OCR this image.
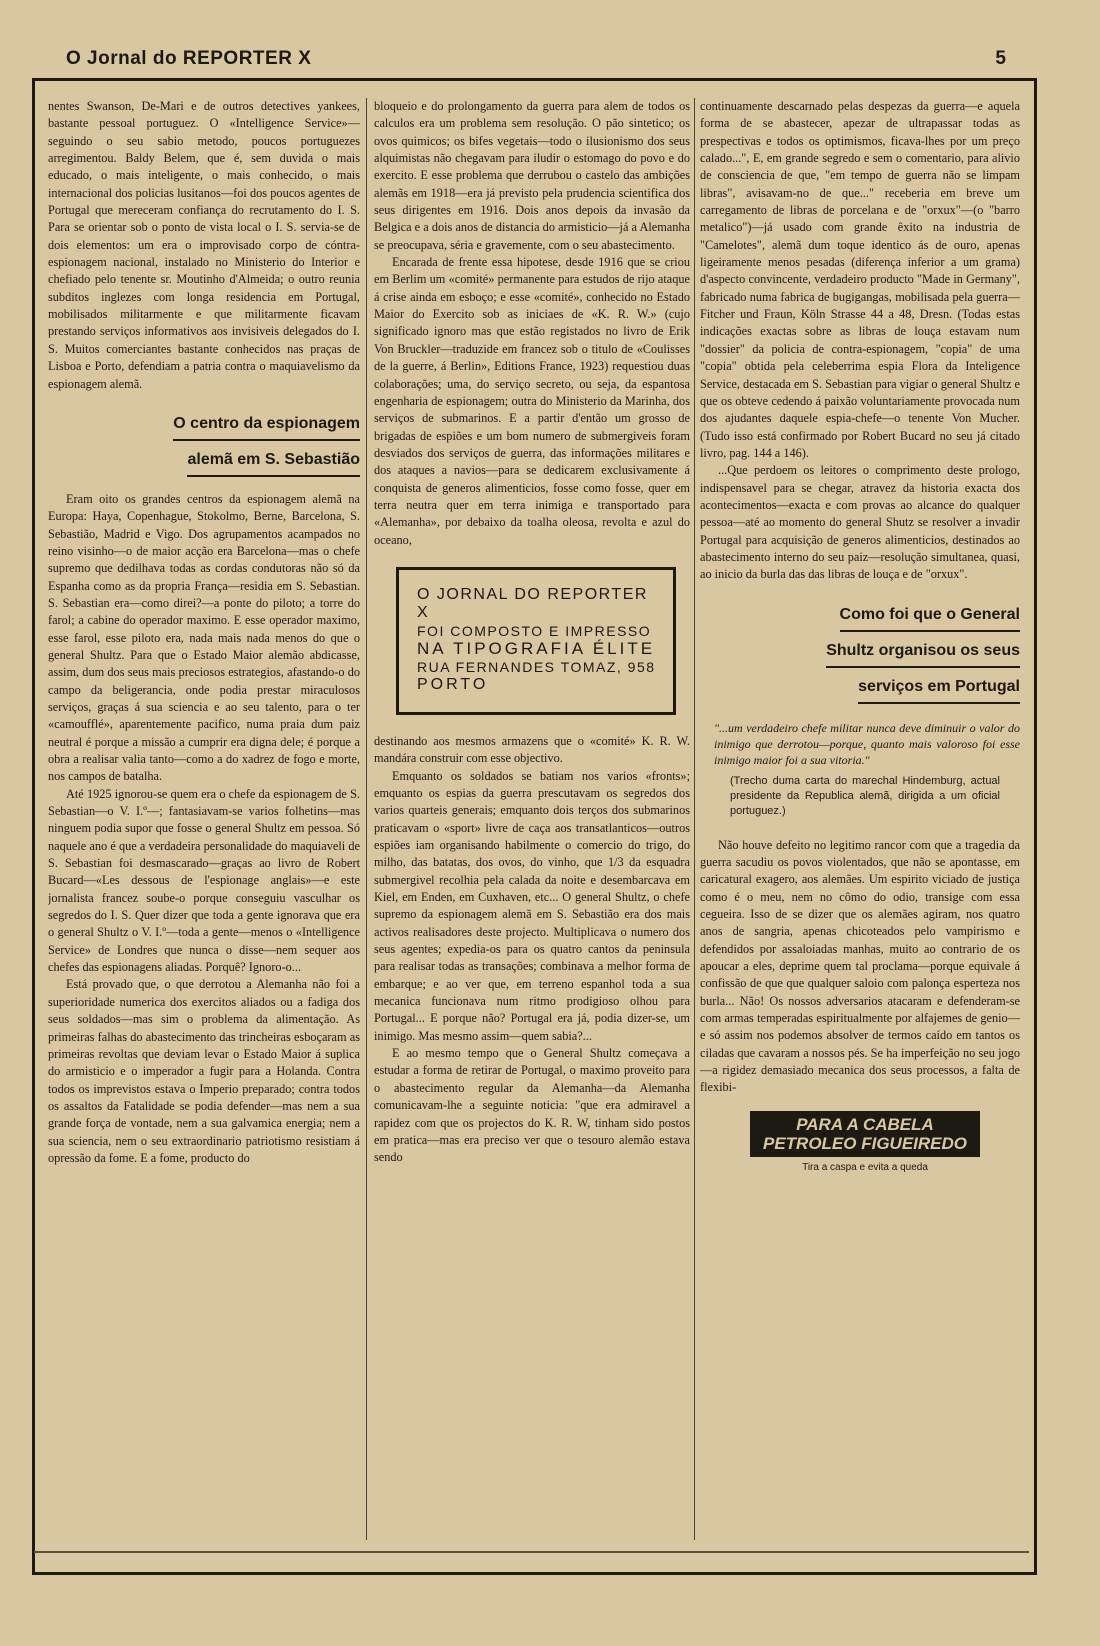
O Jornal do REPORTER X	5

nentes Swanson, De-Mari e de outros detectives yankees, bastante pessoal portuguez. O «Intelligence Service»—seguindo o seu sabio metodo, poucos portuguezes arregimentou. Baldy Belem, que é, sem duvida o mais educado, o mais inteligente, o mais conhecido, o mais internacional dos policias lusitanos—foi dos poucos agentes de Portugal que mereceram confiança do recrutamento do I. S. Para se orientar sob o ponto de vista local o I. S. servia-se de dois elementos: um era o improvisado corpo de cóntra-espionagem nacional, instalado no Ministerio do Interior e chefiado pelo tenente sr. Moutinho d'Almeida; o outro reunia subditos inglezes com longa residencia em Portugal, mobilisados militarmente e que militarmente ficavam prestando serviços informativos aos invisiveis delegados do I. S. Muitos comerciantes bastante conhecidos nas praças de Lisboa e Porto, defendiam a patria contra o maquiavelismo da espionagem alemã.

O centro da espionagem
alemã em S. Sebastião

Eram oito os grandes centros da espionagem alemã na Europa: Haya, Copenhague, Stokolmo, Berne, Barcelona, S. Sebastião, Madrid e Vigo. Dos agrupamentos acampados no reino visinho—o de maior acção era Barcelona—mas o chefe supremo que dedilhava todas as cordas condutoras não só da Espanha como as da propria França—residia em S. Sebastian. S. Sebastian era—como direi?—a ponte do piloto; a torre do farol; a cabine do operador maximo. E esse operador maximo, esse farol, esse piloto era, nada mais nada menos do que o general Shultz. Para que o Estado Maior alemão abdicasse, assim, dum dos seus mais preciosos estrategios, afastando-o do campo da beligerancia, onde podia prestar miraculosos serviços, graças á sua sciencia e ao seu talento, para o ter «camoufflé», aparentemente pacifico, numa praia dum paiz neutral é porque a missão a cumprir era digna dele; é porque a obra a realisar valia tanto—como a do xadrez de fogo e morte, nos campos de batalha.

Até 1925 ignorou-se quem era o chefe da espionagem de S. Sebastian—o V. I.º—; fantasiavam-se varios folhetins—mas ninguem podia supor que fosse o general Shultz em pessoa. Só naquele ano é que a verdadeira personalidade do maquiaveli de S. Sebastian foi desmascarado—graças ao livro de Robert Bucard—«Les dessous de l'espionage anglais»—e este jornalista francez soube-o porque conseguiu vasculhar os segredos do I. S. Quer dizer que toda a gente ignorava que era o general Shultz o V. I.º—toda a gente—menos o «Intelligence Service» de Londres que nunca o disse—nem sequer aos chefes das espionagens aliadas. Porquê? Ignoro-o...

Está provado que, o que derrotou a Alemanha não foi a superioridade numerica dos exercitos aliados ou a fadiga dos seus soldados—mas sim o problema da alimentação. As primeiras falhas do abastecimento das trincheiras esboçaram as primeiras revoltas que deviam levar o Estado Maior á suplica do armisticio e o imperador a fugir para a Holanda. Contra todos os imprevistos estava o Imperio preparado; contra todos os assaltos da Fatalidade se podia defender—mas nem a sua grande força de vontade, nem a sua galvamica energia; nem a sua sciencia, nem o seu extraordinario patriotismo resistiam á opressão da fome. E a fome, producto do

bloqueio e do prolongamento da guerra para alem de todos os calculos era um problema sem resolução. O pão sintetico; os ovos quimicos; os bifes vegetais—todo o ilusionismo dos seus alquimistas não chegavam para iludir o estomago do povo e do exercito. E esse problema que derrubou o castelo das ambições alemãs em 1918—era já previsto pela prudencia scientifica dos seus dirigentes em 1916. Dois anos depois da invasão da Belgica e a dois anos de distancia do armisticio—já a Alemanha se preocupava, séria e gravemente, com o seu abastecimento.

Encarada de frente essa hipotese, desde 1916 que se criou em Berlim um «comité» permanente para estudos de rijo ataque á crise ainda em esboço; e esse «comité», conhecido no Estado Maior do Exercito sob as iniciaes de «K. R. W.» (cujo significado ignoro mas que estão registados no livro de Erik Von Bruckler—traduzide em francez sob o titulo de «Coulisses de la guerre, á Berlin», Editions France, 1923) requestiou duas colaborações; uma, do serviço secreto, ou seja, da espantosa engenharia de espionagem; outra do Ministerio da Marinha, dos serviços de submarinos. E a partir d'então um grosso de brigadas de espiões e um bom numero de submergiveis foram desviados dos serviços de guerra, das informações militares e dos ataques a navios—para se dedicarem exclusivamente á conquista de generos alimenticios, fosse como fosse, quer em terra neutra quer em terra inimiga e transportado para «Alemanha», por debaixo da toalha oleosa, revolta e azul do oceano,

O JORNAL DO REPORTER X
FOI COMPOSTO E IMPRESSO
NA TIPOGRAFIA ÉLITE
RUA FERNANDES TOMAZ, 958
PORTO

destinando aos mesmos armazens que o «comité» K. R. W. mandára construir com esse objectivo.

Emquanto os soldados se batiam nos varios «fronts»; emquanto os espias da guerra prescutavam os segredos dos varios quarteis generais; emquanto dois terços dos submarinos praticavam o «sport» livre de caça aos transatlanticos—outros espiões iam organisando habilmente o comercio do trigo, do milho, das batatas, dos ovos, do vinho, que 1/3 da esquadra submergivel recolhia pela calada da noite e desembarcava em Kiel, em Enden, em Cuxhaven, etc... O general Shultz, o chefe supremo da espionagem alemã em S. Sebastião era dos mais activos realisadores deste projecto. Multiplicava o numero dos seus agentes; expedia-os para os quatro cantos da peninsula para realisar todas as transações; combinava a melhor forma de embarque; e ao ver que, em terreno espanhol toda a sua mecanica funcionava num ritmo prodigioso olhou para Portugal... E porque não? Portugal era já, podia dizer-se, um inimigo. Mas mesmo assim—quem sabia?...

E ao mesmo tempo que o General Shultz começava a estudar a forma de retirar de Portugal, o maximo proveito para o abastecimento regular da Alemanha—da Alemanha comunicavam-lhe a seguinte noticia: "que era admiravel a rapidez com que os projectos do K. R. W, tinham sido postos em pratica—mas era preciso ver que o tesouro alemão estava sendo

continuamente descarnado pelas despezas da guerra—e aquela forma de se abastecer, apezar de ultrapassar todas as prespectivas e todos os optimismos, ficava-lhes por um preço calado...", E, em grande segredo e sem o comentario, para alivio de consciencia de que, "em tempo de guerra não se limpam libras", avisavam-no de que..." receberia em breve um carregamento de libras de porcelana e de "orxux"—(o "barro metalico")—já usado com grande êxito na industria de "Camelotes", alemã dum toque identico ás de ouro, apenas ligeiramente menos pesadas (diferença inferior a um grama) d'aspecto convincente, verdadeiro producto "Made in Germany", fabricado numa fabrica de bugigangas, mobilisada pela guerra—Fitcher und Fraun, Köln Strasse 44 a 48, Dresn. (Todas estas indicações exactas sobre as libras de louça estavam num "dossier" da policia de contra-espionagem, "copia" de uma "copia" obtida pela celeberrima espia Flora da Inteligence Service, destacada em S. Sebastian para vigiar o general Shultz e que os obteve cedendo á paixão voluntariamente provocada num dos ajudantes daquele espia-chefe—o tenente Von Mucher. (Tudo isso está confirmado por Robert Bucard no seu já citado livro, pag. 144 a 146).

...Que perdoem os leitores o comprimento deste prologo, indispensavel para se chegar, atravez da historia exacta dos acontecimentos—exacta e com provas ao alcance do qualquer pessoa—até ao momento do general Shutz se resolver a invadir Portugal para acquisição de generos alimenticios, destinados ao abastecimento interno do seu paiz—resolução simultanea, quasi, ao inicio da burla das das libras de louça e de "orxux".

Como foi que o General
Shultz organisou os seus
serviços em Portugal
"...um verdadeiro chefe militar nunca deve diminuir o valor do inimigo que derrotou—porque, quanto mais valoroso foi esse inimigo maior foi a sua vitoria."
(Trecho duma carta do marechal Hindemburg, actual presidente da Republica alemã, dirigida a um oficial portuguez.)

Não houve defeito no legitimo rancor com que a tragedia da guerra sacudiu os povos violentados, que não se apontasse, em caricatural exagero, aos alemães. Um espirito viciado de justiça como é o meu, nem no cômo do odio, transige com essa cegueira. Isso de se dizer que os alemães agiram, nos quatro anos de sangria, apenas chicoteados pelo vampirismo e defendidos por assaloiadas manhas, muito ao contrario de os apoucar a eles, deprime quem tal proclama—porque equivale á confissão de que que qualquer saloio com palonça esperteza nos burla... Não! Os nossos adversarios atacaram e defenderam-se com armas temperadas espiritualmente por alfajemes de genio—e só assim nos podemos absolver de termos caído em tantos os ciladas que cavaram a nossos pés. Se ha imperfeição no seu jogo—a rigidez demasiado mecanica dos seus processos, a falta de flexibi-

PARA A CABELA
PETROLEO FIGUEIREDO
Tira a caspa e evita a queda
